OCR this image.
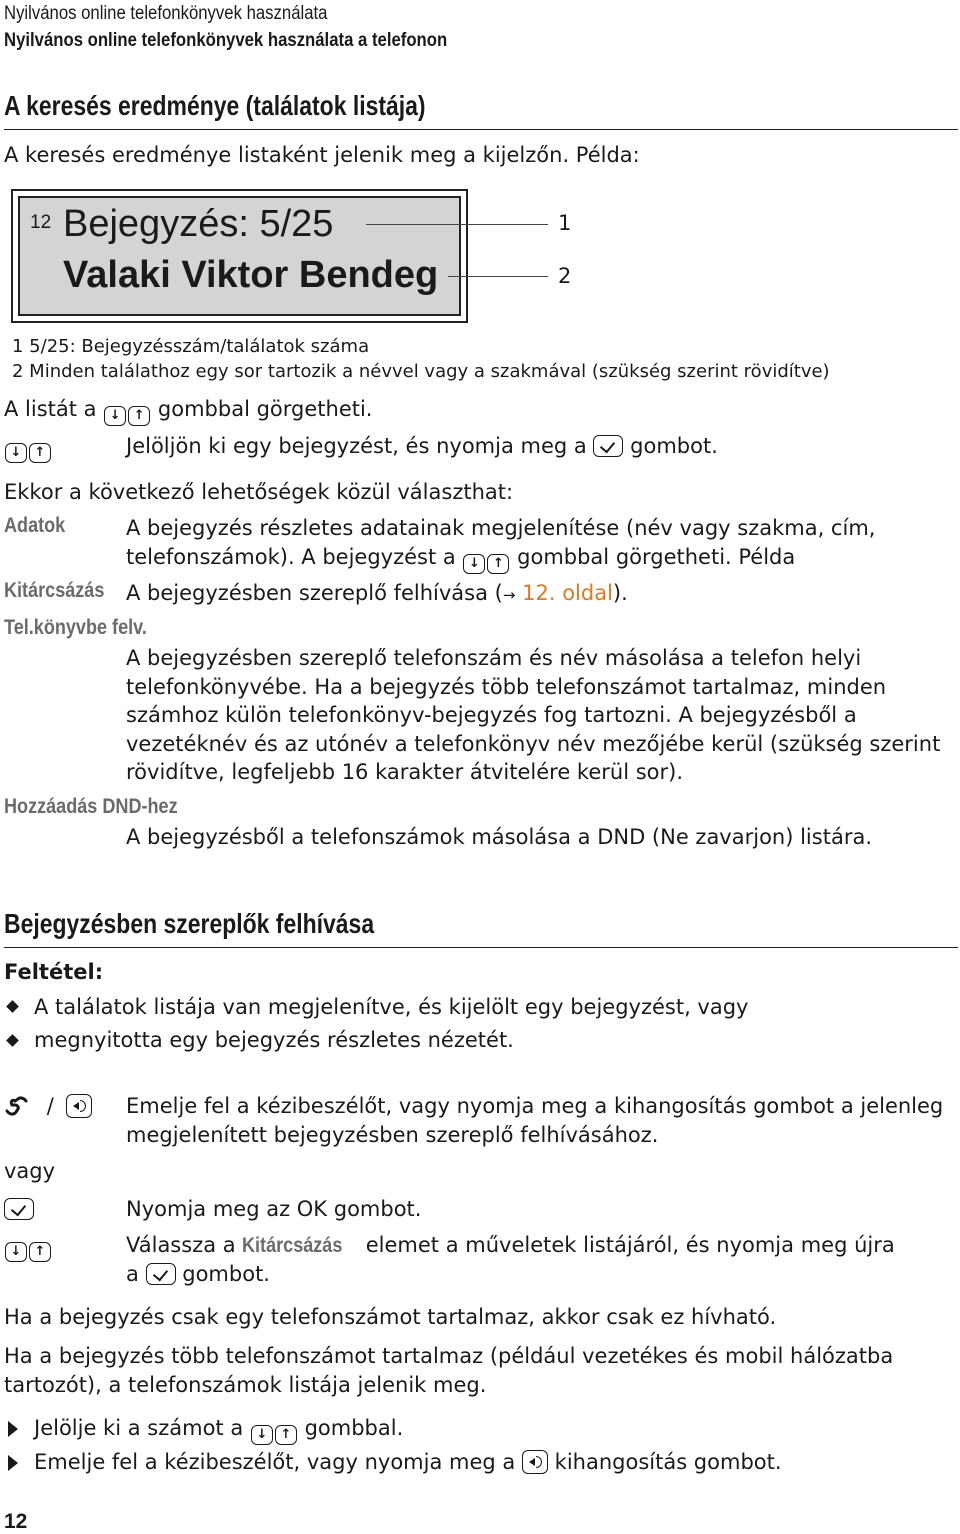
Nyilvános online telefonkönyvek használata
Nyilvános online telefonkönyvek használata a telefonon
A keresés eredménye (találatok listája)
A keresés eredménye listaként jelenik meg a kijelzőn. Példa:
12 Bejegyzés: 5/25
Valaki Viktor Bendeg
1
2
1 5/25: Bejegyzésszám/találatok száma
2 Minden találathoz egy sor tartozik a névvel vagy a szakmával (szükség szerint rövidítve)
A listát a ↓ ↑ gombbal görgetheti.
↓ ↑	Jelöljön ki egy bejegyzést, és nyomja meg a gombot.
Ekkor a következő lehetőségek közül választhat:
Adatok	A bejegyzés részletes adatainak megjelenítése (név vagy szakma, cím,
telefonszámok). A bejegyzést a ↓ ↑ gombbal görgetheti. Példa
Kitárcsázás	A bejegyzésben szereplő felhívása (→ 12. oldal).
Tel.könyvbe felv.
A bejegyzésben szereplő telefonszám és név másolása a telefon helyi
telefonkönyvébe. Ha a bejegyzés több telefonszámot tartalmaz, minden
számhoz külön telefonkönyv-bejegyzés fog tartozni. A bejegyzésből a
vezetéknév és az utónév a telefonkönyv név mezőjébe kerül (szükség szerint
rövidítve, legfeljebb 16 karakter átvitelére kerül sor).
Hozzáadás DND-hez
A bejegyzésből a telefonszámok másolása a DND (Ne zavarjon) listára.
Bejegyzésben szereplők felhívása
Feltétel:
A találatok listája van megjelenítve, és kijelölt egy bejegyzést, vagy
megnyitotta egy bejegyzés részletes nézetét.
/	Emelje fel a kézibeszélőt, vagy nyomja meg a kihangosítás gombot a jelenleg
megjelenített bejegyzésben szereplő felhívásához.
vagy
Nyomja meg az OK gombot.
↓ ↑	Válassza a Kitárcsázás elemet a műveletek listájáról, és nyomja meg újra
a gombot.
Ha a bejegyzés csak egy telefonszámot tartalmaz, akkor csak ez hívható.
Ha a bejegyzés több telefonszámot tartalmaz (például vezetékes és mobil hálózatba
tartozót), a telefonszámok listája jelenik meg.
Jelölje ki a számot a ↓ ↑ gombbal.
Emelje fel a kézibeszélőt, vagy nyomja meg a kihangosítás gombot.
12
